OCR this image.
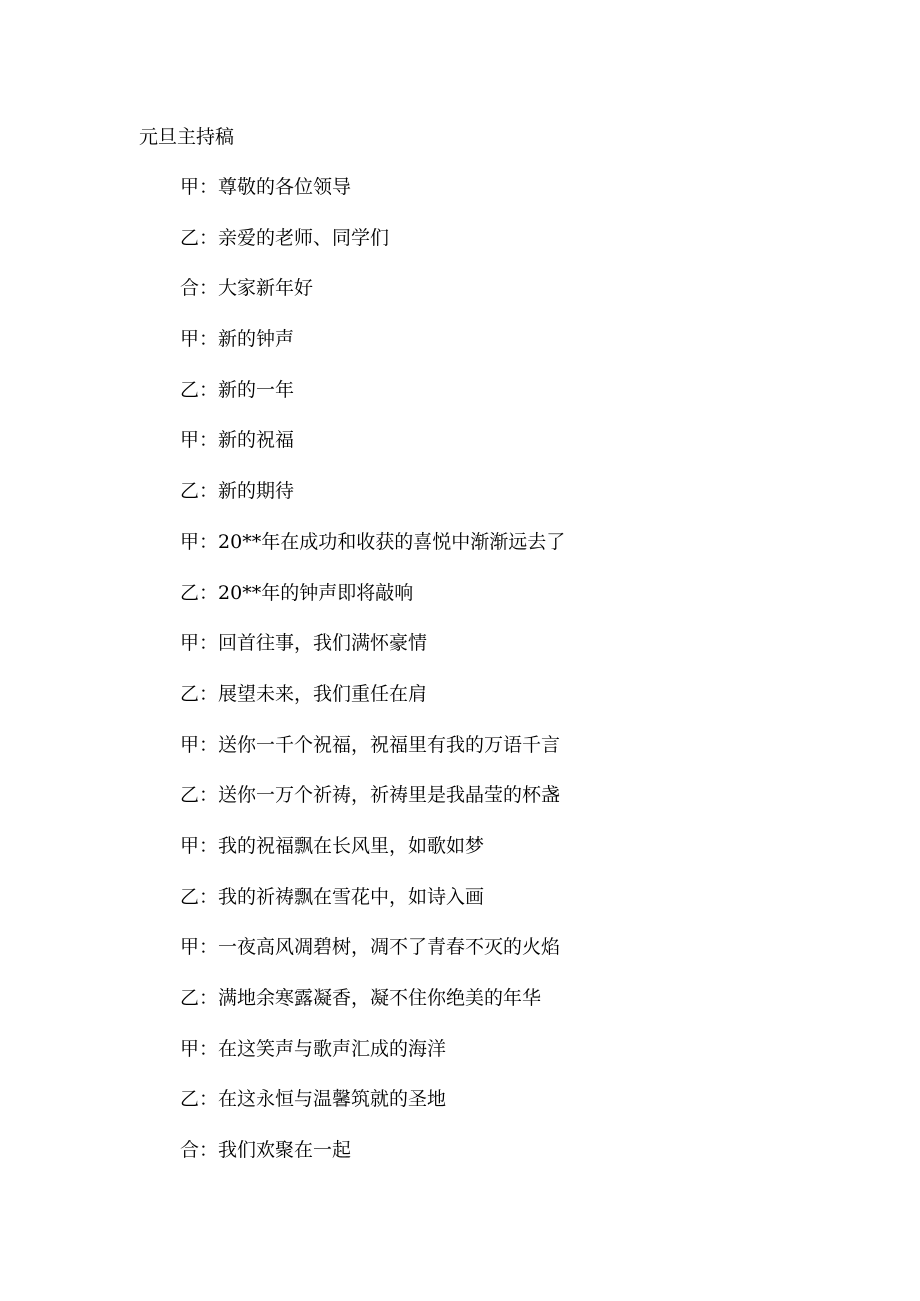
元旦主持稿
甲 ： 尊敬的各位领导
乙 ： 亲爱的老师、同学们
合 ： 大家新年好
甲 ： 新的钟声
乙 ： 新的一年
甲 ： 新的祝福
乙 ： 新的期待
甲 ： 20**年在成功和收获的喜悦中渐渐远去了
乙 ： 20**年的钟声即将敲响
甲 ： 回首往事，我们满怀豪情
乙 ： 展望未来，我们重任在肩
甲 ： 送你一千个祝福，祝福里有我的万语千言
乙 ： 送你一万个祈祷，祈祷里是我晶莹的杯盏
甲 ： 我的祝福飘在长风里，如歌如梦
乙 ： 我的祈祷飘在雪花中，如诗入画
甲 ： 一夜高风凋碧树，凋不了青春不灭的火焰
乙 ： 满地余寒露凝香，凝不住你绝美的年华
甲 ： 在这笑声与歌声汇成的海洋
乙 ： 在这永恒与温馨筑就的圣地
合 ： 我们欢聚在一起
